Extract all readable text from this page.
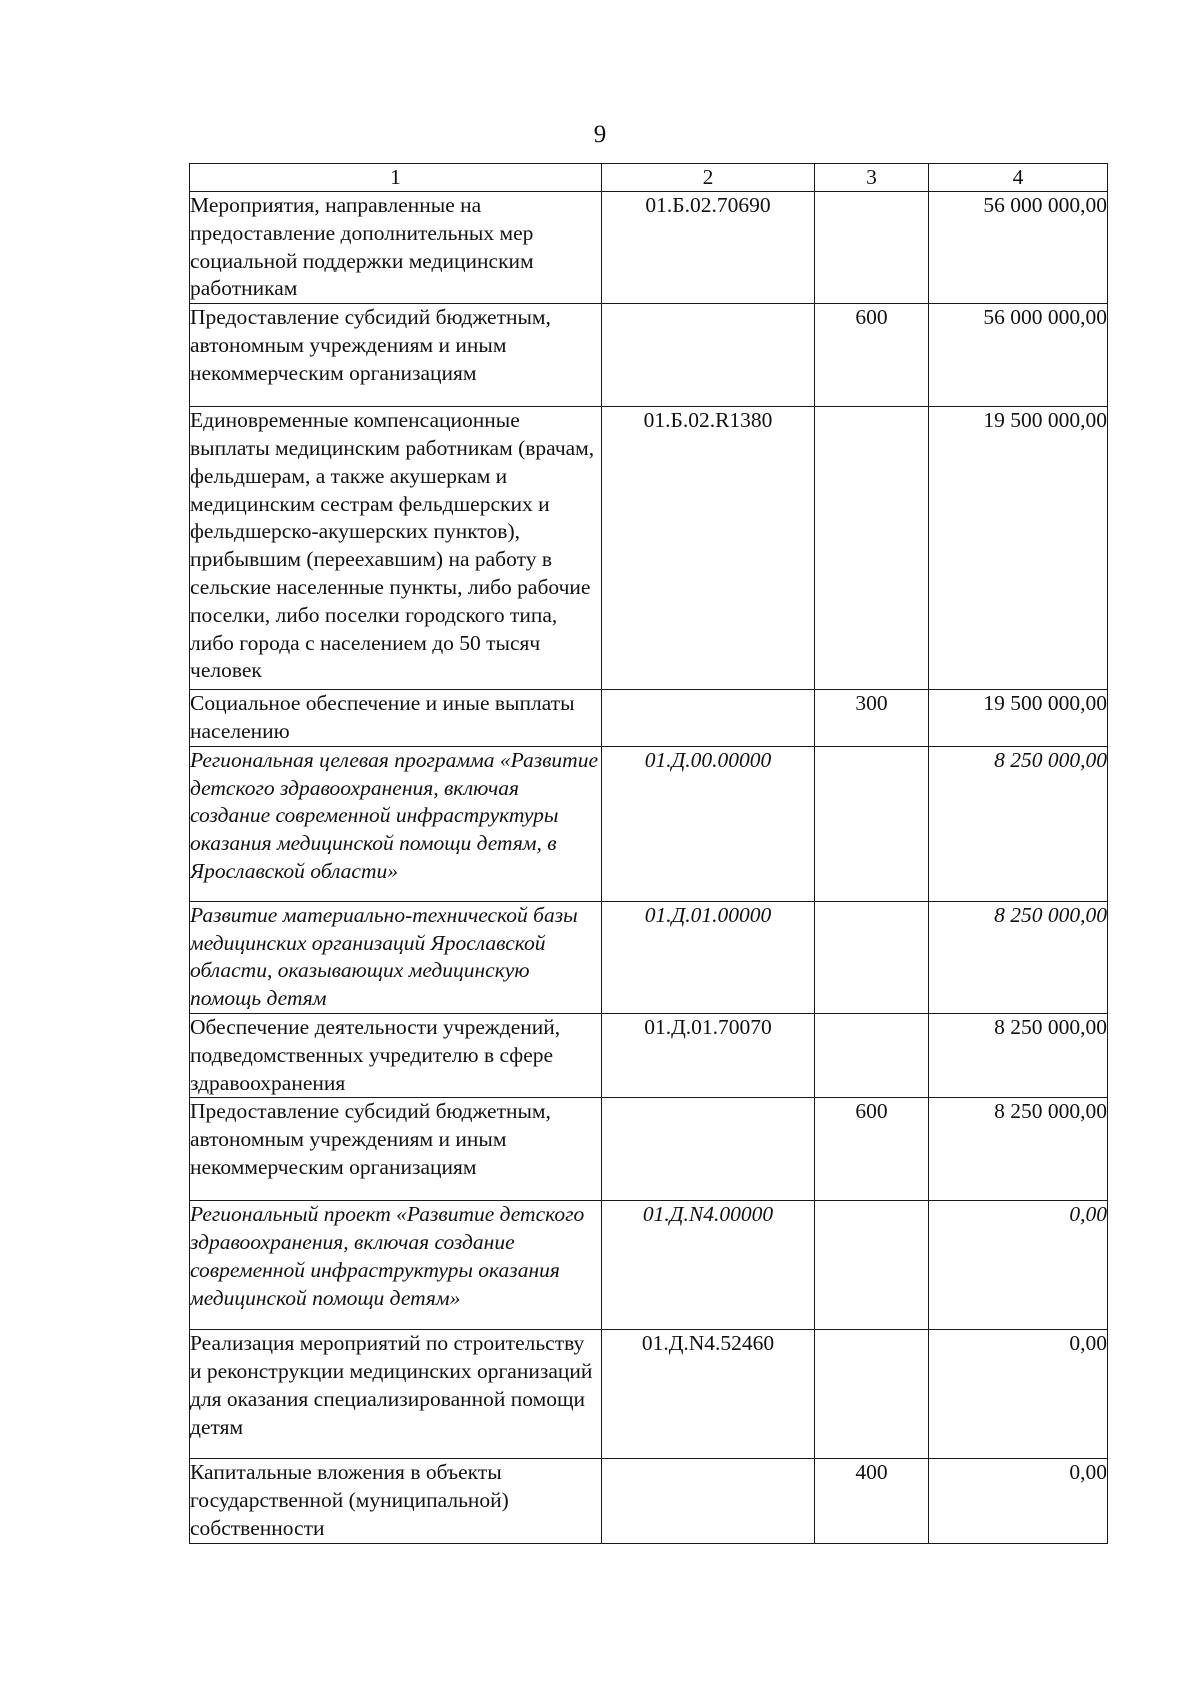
9
1	2	3	4
Мероприятия, направленные на предоставление дополнительных мер социальной поддержки медицинским работникам	01.Б.02.70690		56 000 000,00
Предоставление субсидий бюджетным, автономным учреждениям и иным некоммерческим организациям		600	56 000 000,00
Единовременные компенсационные выплаты медицинским работникам (врачам, фельдшерам, а также акушеркам и медицинским сестрам фельдшерских и фельдшерско-акушерских пунктов), прибывшим (переехавшим) на работу в сельские населенные пункты, либо рабочие поселки, либо поселки городского типа, либо города с населением до 50 тысяч человек	01.Б.02.R1380		19 500 000,00
Социальное обеспечение и иные выплаты населению		300	19 500 000,00
Региональная целевая программа «Развитие детского здравоохранения, включая создание современной инфраструктуры оказания медицинской помощи детям, в Ярославской области»	01.Д.00.00000		8 250 000,00
Развитие материально-технической базы медицинских организаций Ярославской области, оказывающих медицинскую помощь детям	01.Д.01.00000		8 250 000,00
Обеспечение деятельности учреждений, подведомственных учредителю в сфере здравоохранения	01.Д.01.70070		8 250 000,00
Предоставление субсидий бюджетным, автономным учреждениям и иным некоммерческим организациям		600	8 250 000,00
Региональный проект «Развитие детского здравоохранения, включая создание современной инфраструктуры оказания медицинской помощи детям»	01.Д.N4.00000		0,00
Реализация мероприятий по строительству и реконструкции медицинских организаций для оказания специализированной помощи детям	01.Д.N4.52460		0,00
Капитальные вложения в объекты государственной (муниципальной) собственности		400	0,00
